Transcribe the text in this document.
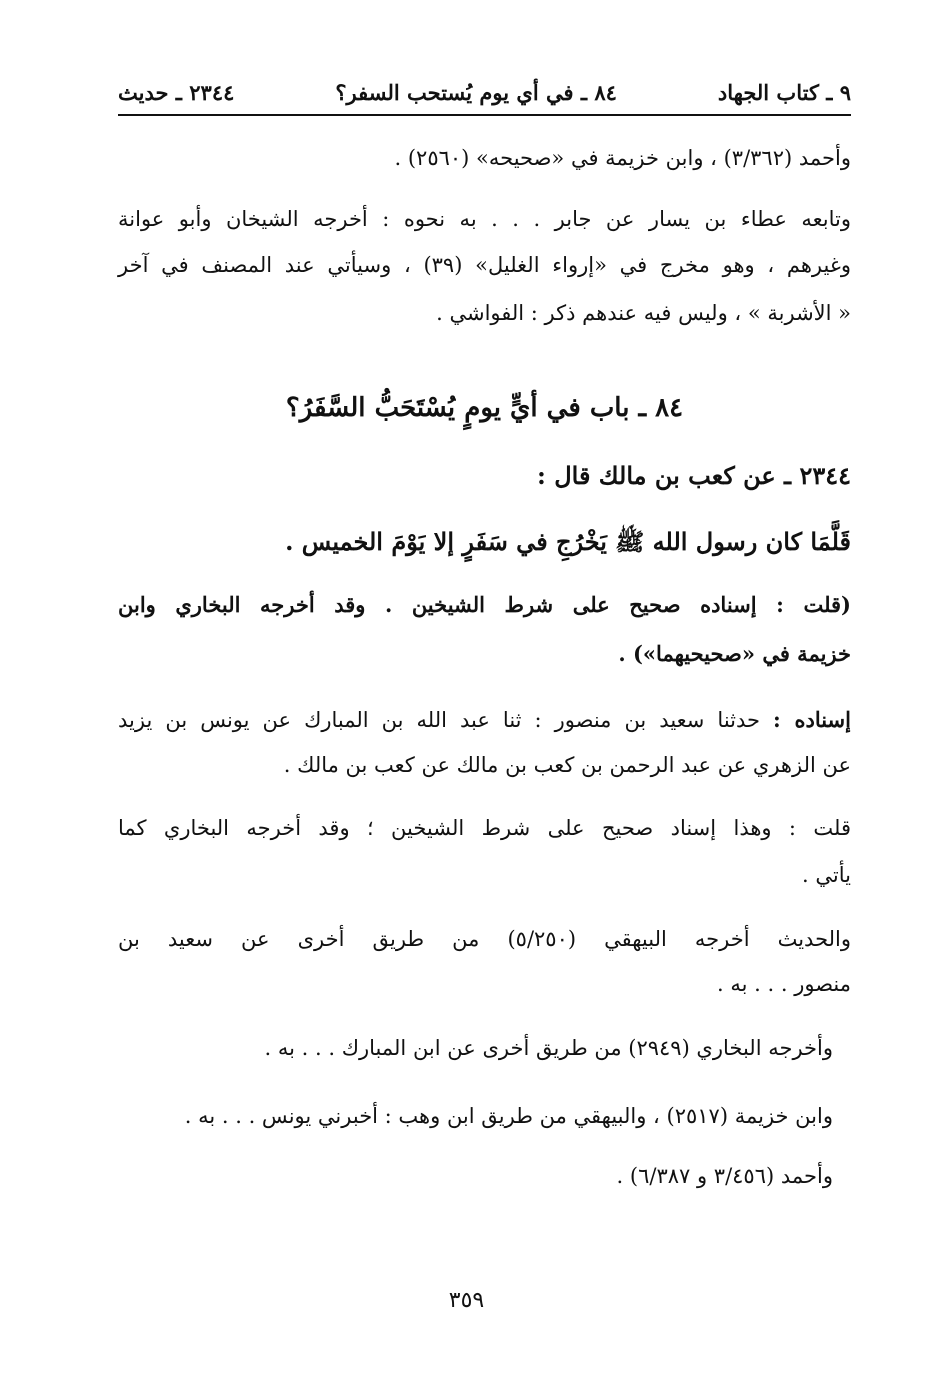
٩ ـ كتاب الجهاد
٨٤ ـ في أي يوم يُستحب السفر؟
٢٣٤٤ ـ حديث
وأحمد (٣/٣٦٢) ، وابن خزيمة في «صحيحه» (٢٥٦٠) .
وتابعه عطاء بن يسار عن جابر . . . به نحوه : أخرجه الشيخان وأبو عوانة
وغيرهم ، وهو مخرج في «إرواء الغليل» (٣٩) ، وسيأتي عند المصنف في آخر
« الأشربة » ، وليس فيه عندهم ذكر : الفواشي .
٨٤ ـ باب في أيٍّ يومٍ يُسْتَحَبُّ السَّفَرُ؟
٢٣٤٤ ـ عن كعب بن مالك قال :
قَلَّمَا كان رسول الله ﷺ يَخْرُجِ في سَفَرٍ إلا يَوْمَ الخميس .
(قلت : إسناده صحيح على شرط الشيخين . وقد أخرجه البخاري وابن
خزيمة في «صحيحيهما») .
إسناده : حدثنا سعيد بن منصور : ثنا عبد الله بن المبارك عن يونس بن يزيد
عن الزهري عن عبد الرحمن بن كعب بن مالك عن كعب بن مالك .
قلت : وهذا إسناد صحيح على شرط الشيخين ؛ وقد أخرجه البخاري كما
يأتي .
والحديث أخرجه البيهقي (٥/٢٥٠) من طريق أخرى عن سعيد بن
منصور . . . به .
وأخرجه البخاري (٢٩٤٩) من طريق أخرى عن ابن المبارك . . . به .
وابن خزيمة (٢٥١٧) ، والبيهقي من طريق ابن وهب : أخبرني يونس . . . به .
وأحمد (٣/٤٥٦ و ٦/٣٨٧) .
٣٥٩
